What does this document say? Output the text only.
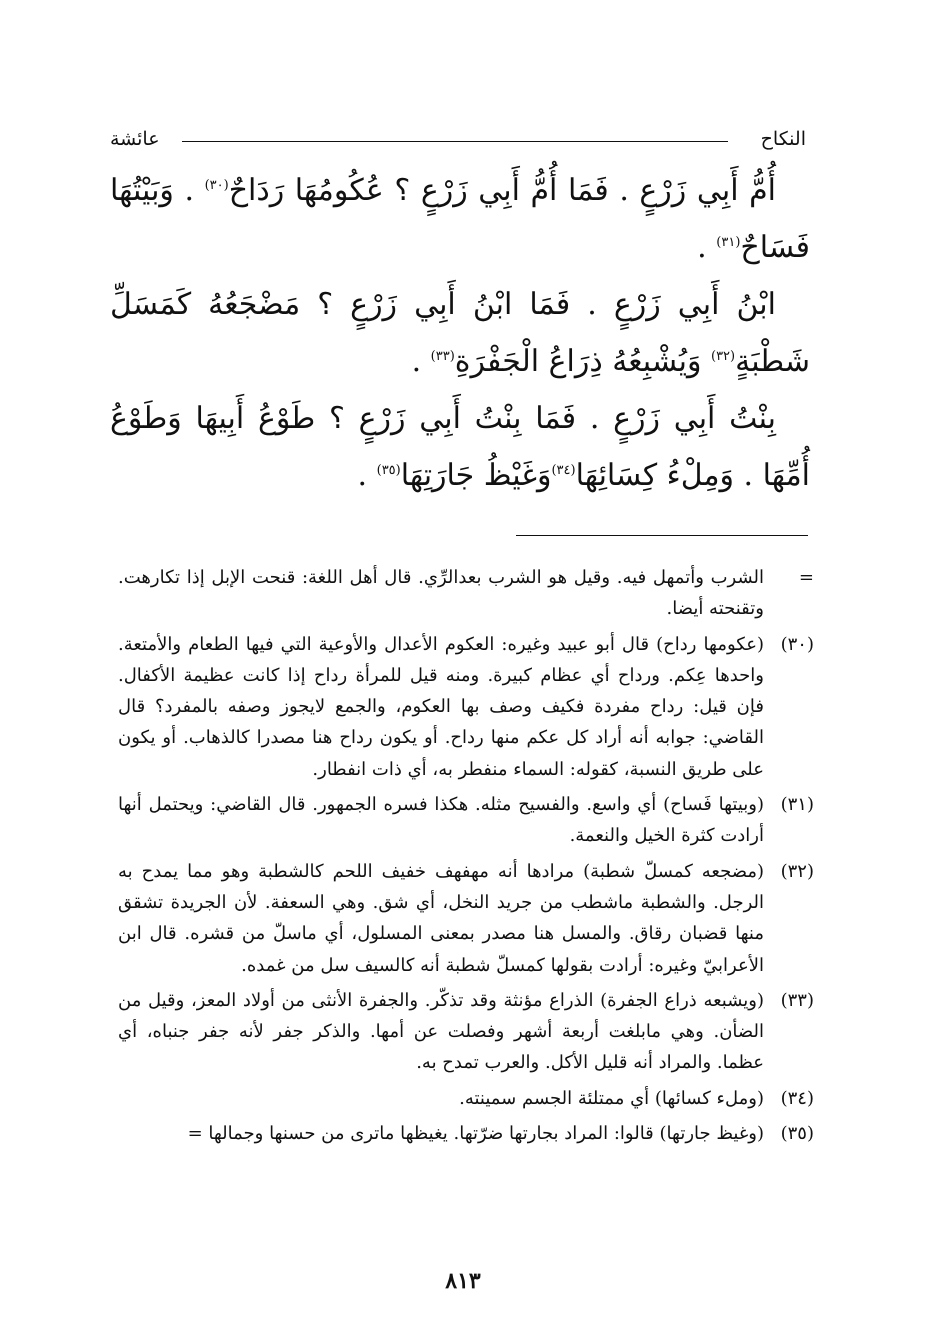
النكاح
عائشة

أُمُّ أَبِي زَرْعٍ . فَمَا أُمُّ أَبِي زَرْعٍ ؟ عُكُومُهَا رَدَاحٌ$^{(٣٠)}$ . وَبَيْتُهَا فَسَاحٌ$^{(٣١)}$ .

ابْنُ أَبِي زَرْعٍ . فَمَا ابْنُ أَبِي زَرْعٍ ؟ مَضْجَعُهُ كَمَسَلِّ شَطْبَةٍ$^{(٣٢)}$ وَيُشْبِعُهُ ذِرَاعُ الْجَفْرَةِ$^{(٣٣)}$ .

بِنْتُ أَبِي زَرْعٍ . فَمَا بِنْتُ أَبِي زَرْعٍ ؟ طَوْعُ أَبِيهَا وَطَوْعُ أُمِّهَا . وَمِلْءُ كِسَائِهَا$^{(٣٤)}$وَغَيْظُ جَارَتِهَا$^{(٣٥)}$ .

=
الشرب وأتمهل فيه. وقيل هو الشرب بعدالرِّي. قال أهل اللغة: قنحت الإبل إذا تكارهت. وتقنحته أيضا.
(٣٠)
(عكومها رداح) قال أبو عبيد وغيره: العكوم الأعدال والأوعية التي فيها الطعام والأمتعة. واحدها عِكم. ورداح أي عظام كبيرة. ومنه قيل للمرأة رداح إذا كانت عظيمة الأكفال. فإن قيل: رداح مفردة فكيف وصف بها العكوم، والجمع لايجوز وصفه بالمفرد؟ قال القاضي: جوابه أنه أراد كل عكم منها رداح. أو يكون رداح هنا مصدرا كالذهاب. أو يكون على طريق النسبة، كقوله: السماء منفطر به، أي ذات انفطار.
(٣١)
(وبيتها فَساح) أي واسع. والفسيح مثله. هكذا فسره الجمهور. قال القاضي: ويحتمل أنها أرادت كثرة الخيل والنعمة.
(٣٢)
(مضجعه كمسلّ شطبة) مرادها أنه مهفهف خفيف اللحم كالشطبة وهو مما يمدح به الرجل. والشطبة ماشطب من جريد النخل، أي شق. وهي السعفة. لأن الجريدة تشقق منها قضبان رقاق. والمسل هنا مصدر بمعنى المسلول، أي ماسلّ من قشره. قال ابن الأعرابيّ وغيره: أرادت بقولها كمسلّ شطبة أنه كالسيف سل من غمده.
(٣٣)
(ويشبعه ذراع الجفرة) الذراع مؤنثة وقد تذكّر. والجفرة الأنثى من أولاد المعز، وقيل من الضأن. وهي مابلغت أربعة أشهر وفصلت عن أمها. والذكر جفر لأنه جفر جنباه، أي عظما. والمراد أنه قليل الأكل. والعرب تمدح به.
(٣٤)
(وملء كسائها) أي ممتلئة الجسم سمينته.
(٣٥)
(وغيظ جارتها) قالوا: المراد بجارتها ضرّتها. يغيظها ماترى من حسنها وجمالها =
٨١٣
